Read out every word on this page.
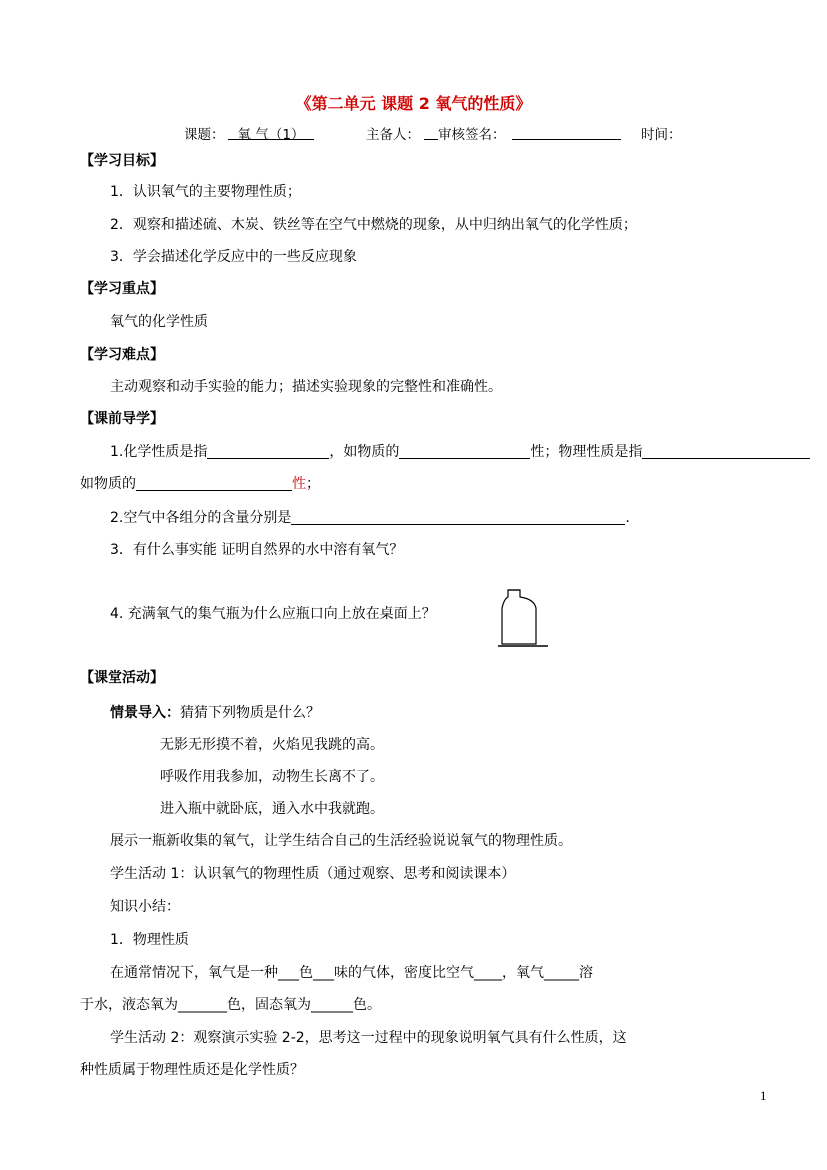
《第二单元 课题 2 氧气的性质》
课题： 氧 气（1）	主备人： 审核签名：	时间：
【学习目标】
1．认识氧气的主要物理性质；
2．观察和描述硫、木炭、铁丝等在空气中燃烧的现象，从中归纳出氧气的化学性质；
3．学会描述化学反应中的一些反应现象
【学习重点】
氧气的化学性质
【学习难点】
主动观察和动手实验的能力；描述实验现象的完整性和准确性。
【课前导学】
1.化学性质是指	，如物质的	性；物理性质是指
如物质的	性；
2.空气中各组分的含量分别是	.
3．有什么事实能 证明自然界的水中溶有氧气？
4. 充满氧气的集气瓶为什么应瓶口向上放在桌面上？
【课堂活动】
情景导入：猜猜下列物质是什么？
无影无形摸不着，火焰见我跳的高。
呼吸作用我参加，动物生长离不了。
进入瓶中就卧底，通入水中我就跑。
展示一瓶新收集的氧气，让学生结合自己的生活经验说说氧气的物理性质。
学生活动 1：认识氧气的物理性质（通过观察、思考和阅读课本）
知识小结：
1．物理性质
在通常情况下，氧气是一种___色___味的气体，密度比空气____，氧气_____溶
于水，液态氧为_______色，固态氧为______色。
学生活动 2：观察演示实验 2-2，思考这一过程中的现象说明氧气具有什么性质，这
种性质属于物理性质还是化学性质？
1
